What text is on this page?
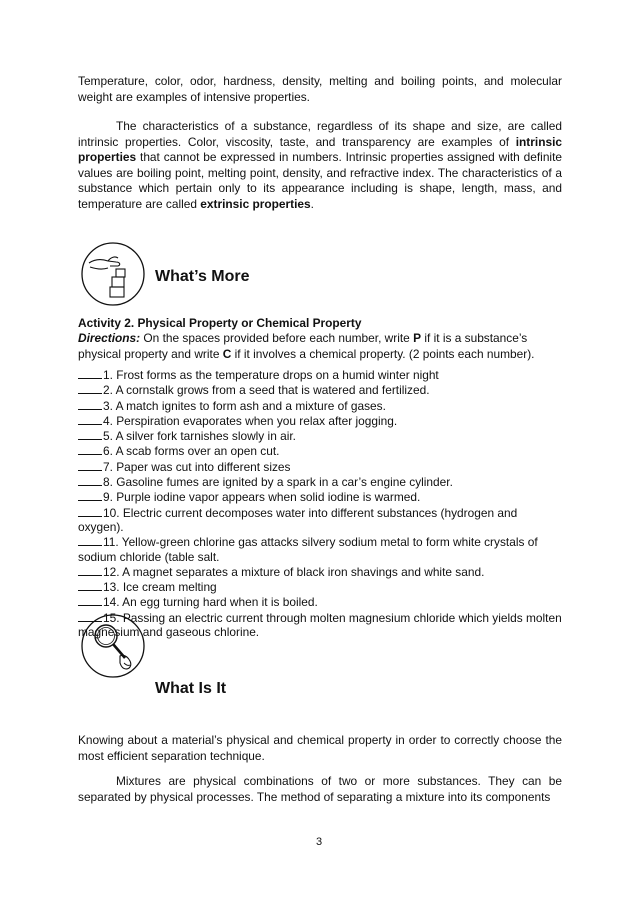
Temperature, color, odor, hardness, density, melting and boiling points, and molecular weight are examples of intensive properties.

The characteristics of a substance, regardless of its shape and size, are called intrinsic properties. Color, viscosity, taste, and transparency are examples of intrinsic properties that cannot be expressed in numbers. Intrinsic properties assigned with definite values are boiling point, melting point, density, and refractive index. The characteristics of a substance which pertain only to its appearance including is shape, length, mass, and temperature are called extrinsic properties.

What’s More
Activity 2. Physical Property or Chemical Property

Directions: On the spaces provided before each number, write P if it is a substance’s physical property and write C if it involves a chemical property. (2 points each number).

1. Frost forms as the temperature drops on a humid winter night

2. A cornstalk grows from a seed that is watered and fertilized.

3. A match ignites to form ash and a mixture of gases.

4. Perspiration evaporates when you relax after jogging.

5. A silver fork tarnishes slowly in air.

6. A scab forms over an open cut.

7. Paper was cut into different sizes

8. Gasoline fumes are ignited by a spark in a car’s engine cylinder.

9. Purple iodine vapor appears when solid iodine is warmed.

10. Electric current decomposes water into different substances (hydrogen and oxygen).

11. Yellow-green chlorine gas attacks silvery sodium metal to form white crystals of sodium chloride (table salt.

12. A magnet separates a mixture of black iron shavings and white sand.

13. Ice cream melting

14. An egg turning hard when it is boiled.

15. Passing an electric current through molten magnesium chloride which yields molten magnesium and gaseous chlorine.

What Is It

Knowing about a material’s physical and chemical property in order to correctly choose the most efficient separation technique.

Mixtures are physical combinations of two or more substances. They can be separated by physical processes. The method of separating a mixture into its components

3
